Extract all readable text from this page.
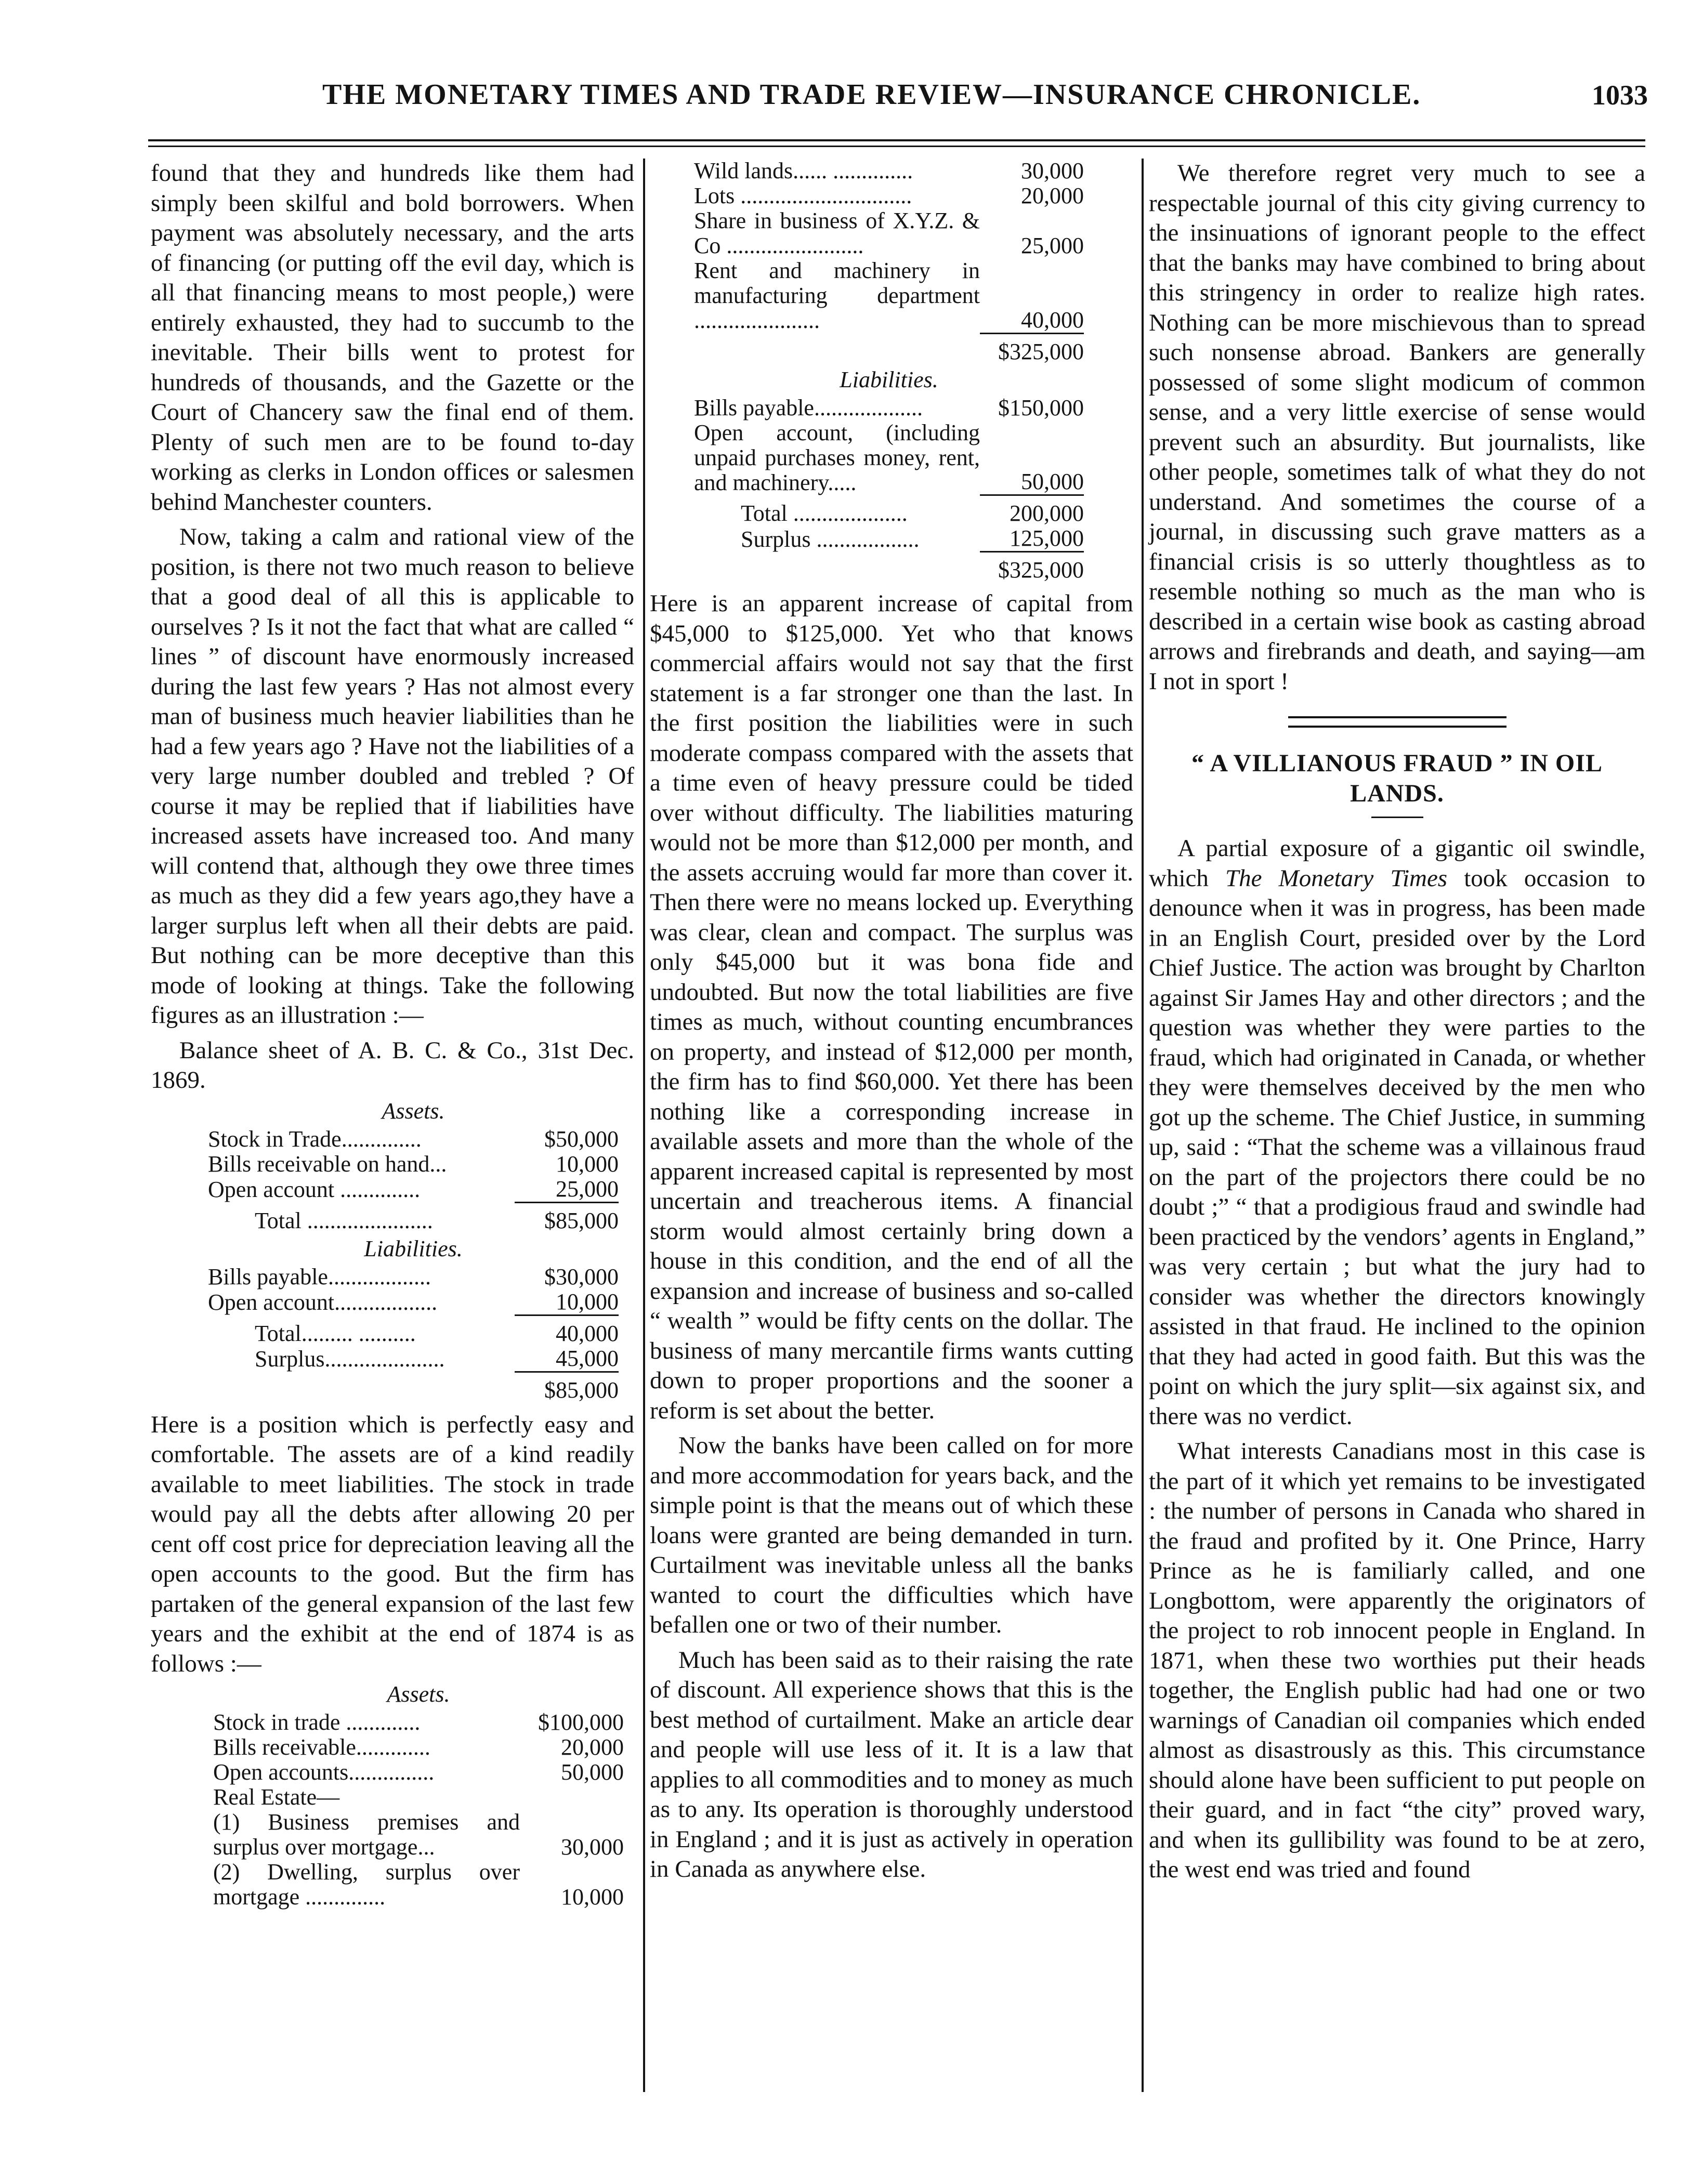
THE MONETARY TIMES AND TRADE REVIEW—INSURANCE CHRONICLE.	1033

found that they and hundreds like them had simply been skilful and bold borrowers. When payment was absolutely necessary, and the arts of financing (or putting off the evil day, which is all that financing means to most people,) were entirely exhausted, they had to succumb to the inevitable. Their bills went to protest for hundreds of thousands, and the Gazette or the Court of Chancery saw the final end of them. Plenty of such men are to be found to-day working as clerks in London offices or salesmen behind Manchester counters.

Now, taking a calm and rational view of the position, is there not two much reason to believe that a good deal of all this is applicable to ourselves ? Is it not the fact that what are called “ lines ” of discount have enormously increased during the last few years ? Has not almost every man of business much heavier liabilities than he had a few years ago ? Have not the liabilities of a very large number doubled and trebled ? Of course it may be replied that if liabilities have increased assets have increased too. And many will contend that, although they owe three times as much as they did a few years ago,they have a larger surplus left when all their debts are paid. But nothing can be more deceptive than this mode of looking at things. Take the following figures as an illustration :—

Balance sheet of A. B. C. & Co., 31st Dec. 1869.

Assets.
Stock in Trade..............	$50,000
Bills receivable on hand...	10,000
Open account ..............	25,000
Total ......................	$85,000
Liabilities.
Bills payable..................	$30,000
Open account..................	10,000
Total......... ..........	40,000
Surplus.....................	45,000
	$85,000

Here is a position which is perfectly easy and comfortable. The assets are of a kind readily available to meet liabilities. The stock in trade would pay all the debts after allowing 20 per cent off cost price for depreciation leaving all the open accounts to the good. But the firm has partaken of the general expansion of the last few years and the exhibit at the end of 1874 is as follows :—

Assets.
Stock in trade .............	$100,000
Bills receivable.............	20,000
Open accounts...............	50,000
Real Estate—	
(1) Business premises and surplus over mortgage...	30,000
(2) Dwelling, surplus over mortgage ..............	10,000
Wild lands...... ..............	30,000
Lots ..............................	20,000
Share in business of X.Y.Z. & Co ........................	25,000
Rent and machinery in manufacturing department ......................	40,000
	$325,000
Liabilities.
Bills payable...................	$150,000
Open account, (including unpaid purchases money, rent, and machinery.....	50,000
Total ....................	200,000
Surplus ..................	125,000
	$325,000

Here is an apparent increase of capital from $45,000 to $125,000. Yet who that knows commercial affairs would not say that the first statement is a far stronger one than the last. In the first position the liabilities were in such moderate compass compared with the assets that a time even of heavy pressure could be tided over without difficulty. The liabilities maturing would not be more than $12,000 per month, and the assets accruing would far more than cover it. Then there were no means locked up. Everything was clear, clean and compact. The surplus was only $45,000 but it was bona fide and undoubted. But now the total liabilities are five times as much, without counting encumbrances on property, and instead of $12,000 per month, the firm has to find $60,000. Yet there has been nothing like a corresponding increase in available assets and more than the whole of the apparent increased capital is represented by most uncertain and treacherous items. A financial storm would almost certainly bring down a house in this condition, and the end of all the expansion and increase of business and so-called “ wealth ” would be fifty cents on the dollar. The business of many mercantile firms wants cutting down to proper proportions and the sooner a reform is set about the better.

Now the banks have been called on for more and more accommodation for years back, and the simple point is that the means out of which these loans were granted are being demanded in turn. Curtailment was inevitable unless all the banks wanted to court the difficulties which have befallen one or two of their number.

Much has been said as to their raising the rate of discount. All experience shows that this is the best method of curtailment. Make an article dear and people will use less of it. It is a law that applies to all commodities and to money as much as to any. Its operation is thoroughly understood in England ; and it is just as actively in operation in Canada as anywhere else.

We therefore regret very much to see a respectable journal of this city giving currency to the insinuations of ignorant people to the effect that the banks may have combined to bring about this stringency in order to realize high rates. Nothing can be more mischievous than to spread such nonsense abroad. Bankers are generally possessed of some slight modicum of common sense, and a very little exercise of sense would prevent such an absurdity. But journalists, like other people, sometimes talk of what they do not understand. And sometimes the course of a journal, in discussing such grave matters as a financial crisis is so utterly thoughtless as to resemble nothing so much as the man who is described in a certain wise book as casting abroad arrows and firebrands and death, and saying—am I not in sport !

“ A VILLIANOUS FRAUD ” IN OIL LANDS.

A partial exposure of a gigantic oil swindle, which The Monetary Times took occasion to denounce when it was in progress, has been made in an English Court, presided over by the Lord Chief Justice. The action was brought by Charlton against Sir James Hay and other directors ; and the question was whether they were parties to the fraud, which had originated in Canada, or whether they were themselves deceived by the men who got up the scheme. The Chief Justice, in summing up, said : “That the scheme was a villainous fraud on the part of the projectors there could be no doubt ;” “ that a prodigious fraud and swindle had been practiced by the vendors’ agents in England,” was very certain ; but what the jury had to consider was whether the directors knowingly assisted in that fraud. He inclined to the opinion that they had acted in good faith. But this was the point on which the jury split—six against six, and there was no verdict.

What interests Canadians most in this case is the part of it which yet remains to be investigated : the number of persons in Canada who shared in the fraud and profited by it. One Prince, Harry Prince as he is familiarly called, and one Longbottom, were apparently the originators of the project to rob innocent people in England. In 1871, when these two worthies put their heads together, the English public had had one or two warnings of Canadian oil companies which ended almost as disastrously as this. This circumstance should alone have been sufficient to put people on their guard, and in fact “the city” proved wary, and when its gullibility was found to be at zero, the west end was tried and found
